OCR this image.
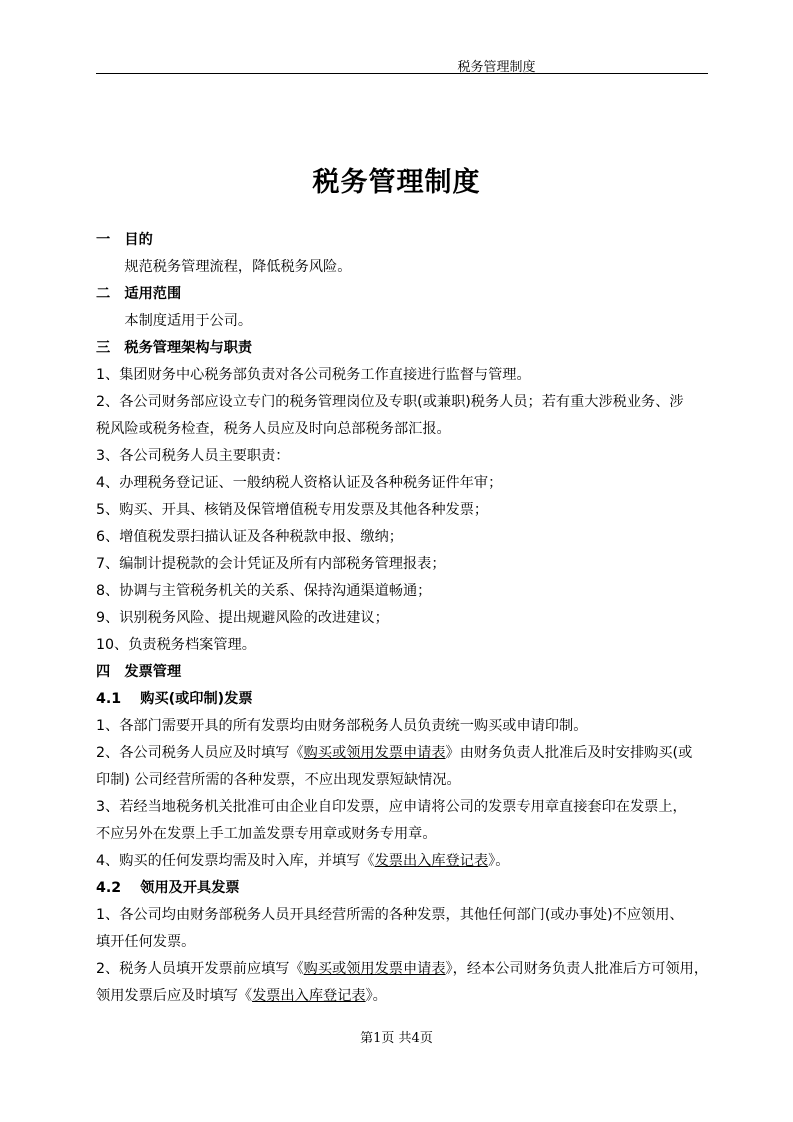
税务管理制度
税务管理制度
一　目的
　　规范税务管理流程，降低税务风险。
二　适用范围
　　本制度适用于公司。
三　税务管理架构与职责
1、集团财务中心税务部负责对各公司税务工作直接进行监督与管理。
2、各公司财务部应设立专门的税务管理岗位及专职(或兼职)税务人员；若有重大涉税业务、涉
税风险或税务检查，税务人员应及时向总部税务部汇报。
3、各公司税务人员主要职责：
4、办理税务登记证、一般纳税人资格认证及各种税务证件年审；
5、购买、开具、核销及保管增值税专用发票及其他各种发票；
6、增值税发票扫描认证及各种税款申报、缴纳；
7、编制计提税款的会计凭证及所有内部税务管理报表；
8、协调与主管税务机关的关系、保持沟通渠道畅通；
9、识别税务风险、提出规避风险的改进建议；
10、负责税务档案管理。
四　发票管理
4.1　 购买(或印制)发票
1、各部门需要开具的所有发票均由财务部税务人员负责统一购买或申请印制。
2、各公司税务人员应及时填写《购买或领用发票申请表》由财务负责人批准后及时安排购买(或
印制) 公司经营所需的各种发票，不应出现发票短缺情况。
3、若经当地税务机关批准可由企业自印发票，应申请将公司的发票专用章直接套印在发票上，
不应另外在发票上手工加盖发票专用章或财务专用章。
4、购买的任何发票均需及时入库，并填写《发票出入库登记表》。
4.2　 领用及开具发票
1、各公司均由财务部税务人员开具经营所需的各种发票，其他任何部门(或办事处)不应领用、
填开任何发票。
2、税务人员填开发票前应填写《购买或领用发票申请表》，经本公司财务负责人批准后方可领用，
领用发票后应及时填写《发票出入库登记表》。
第1页 共4页
